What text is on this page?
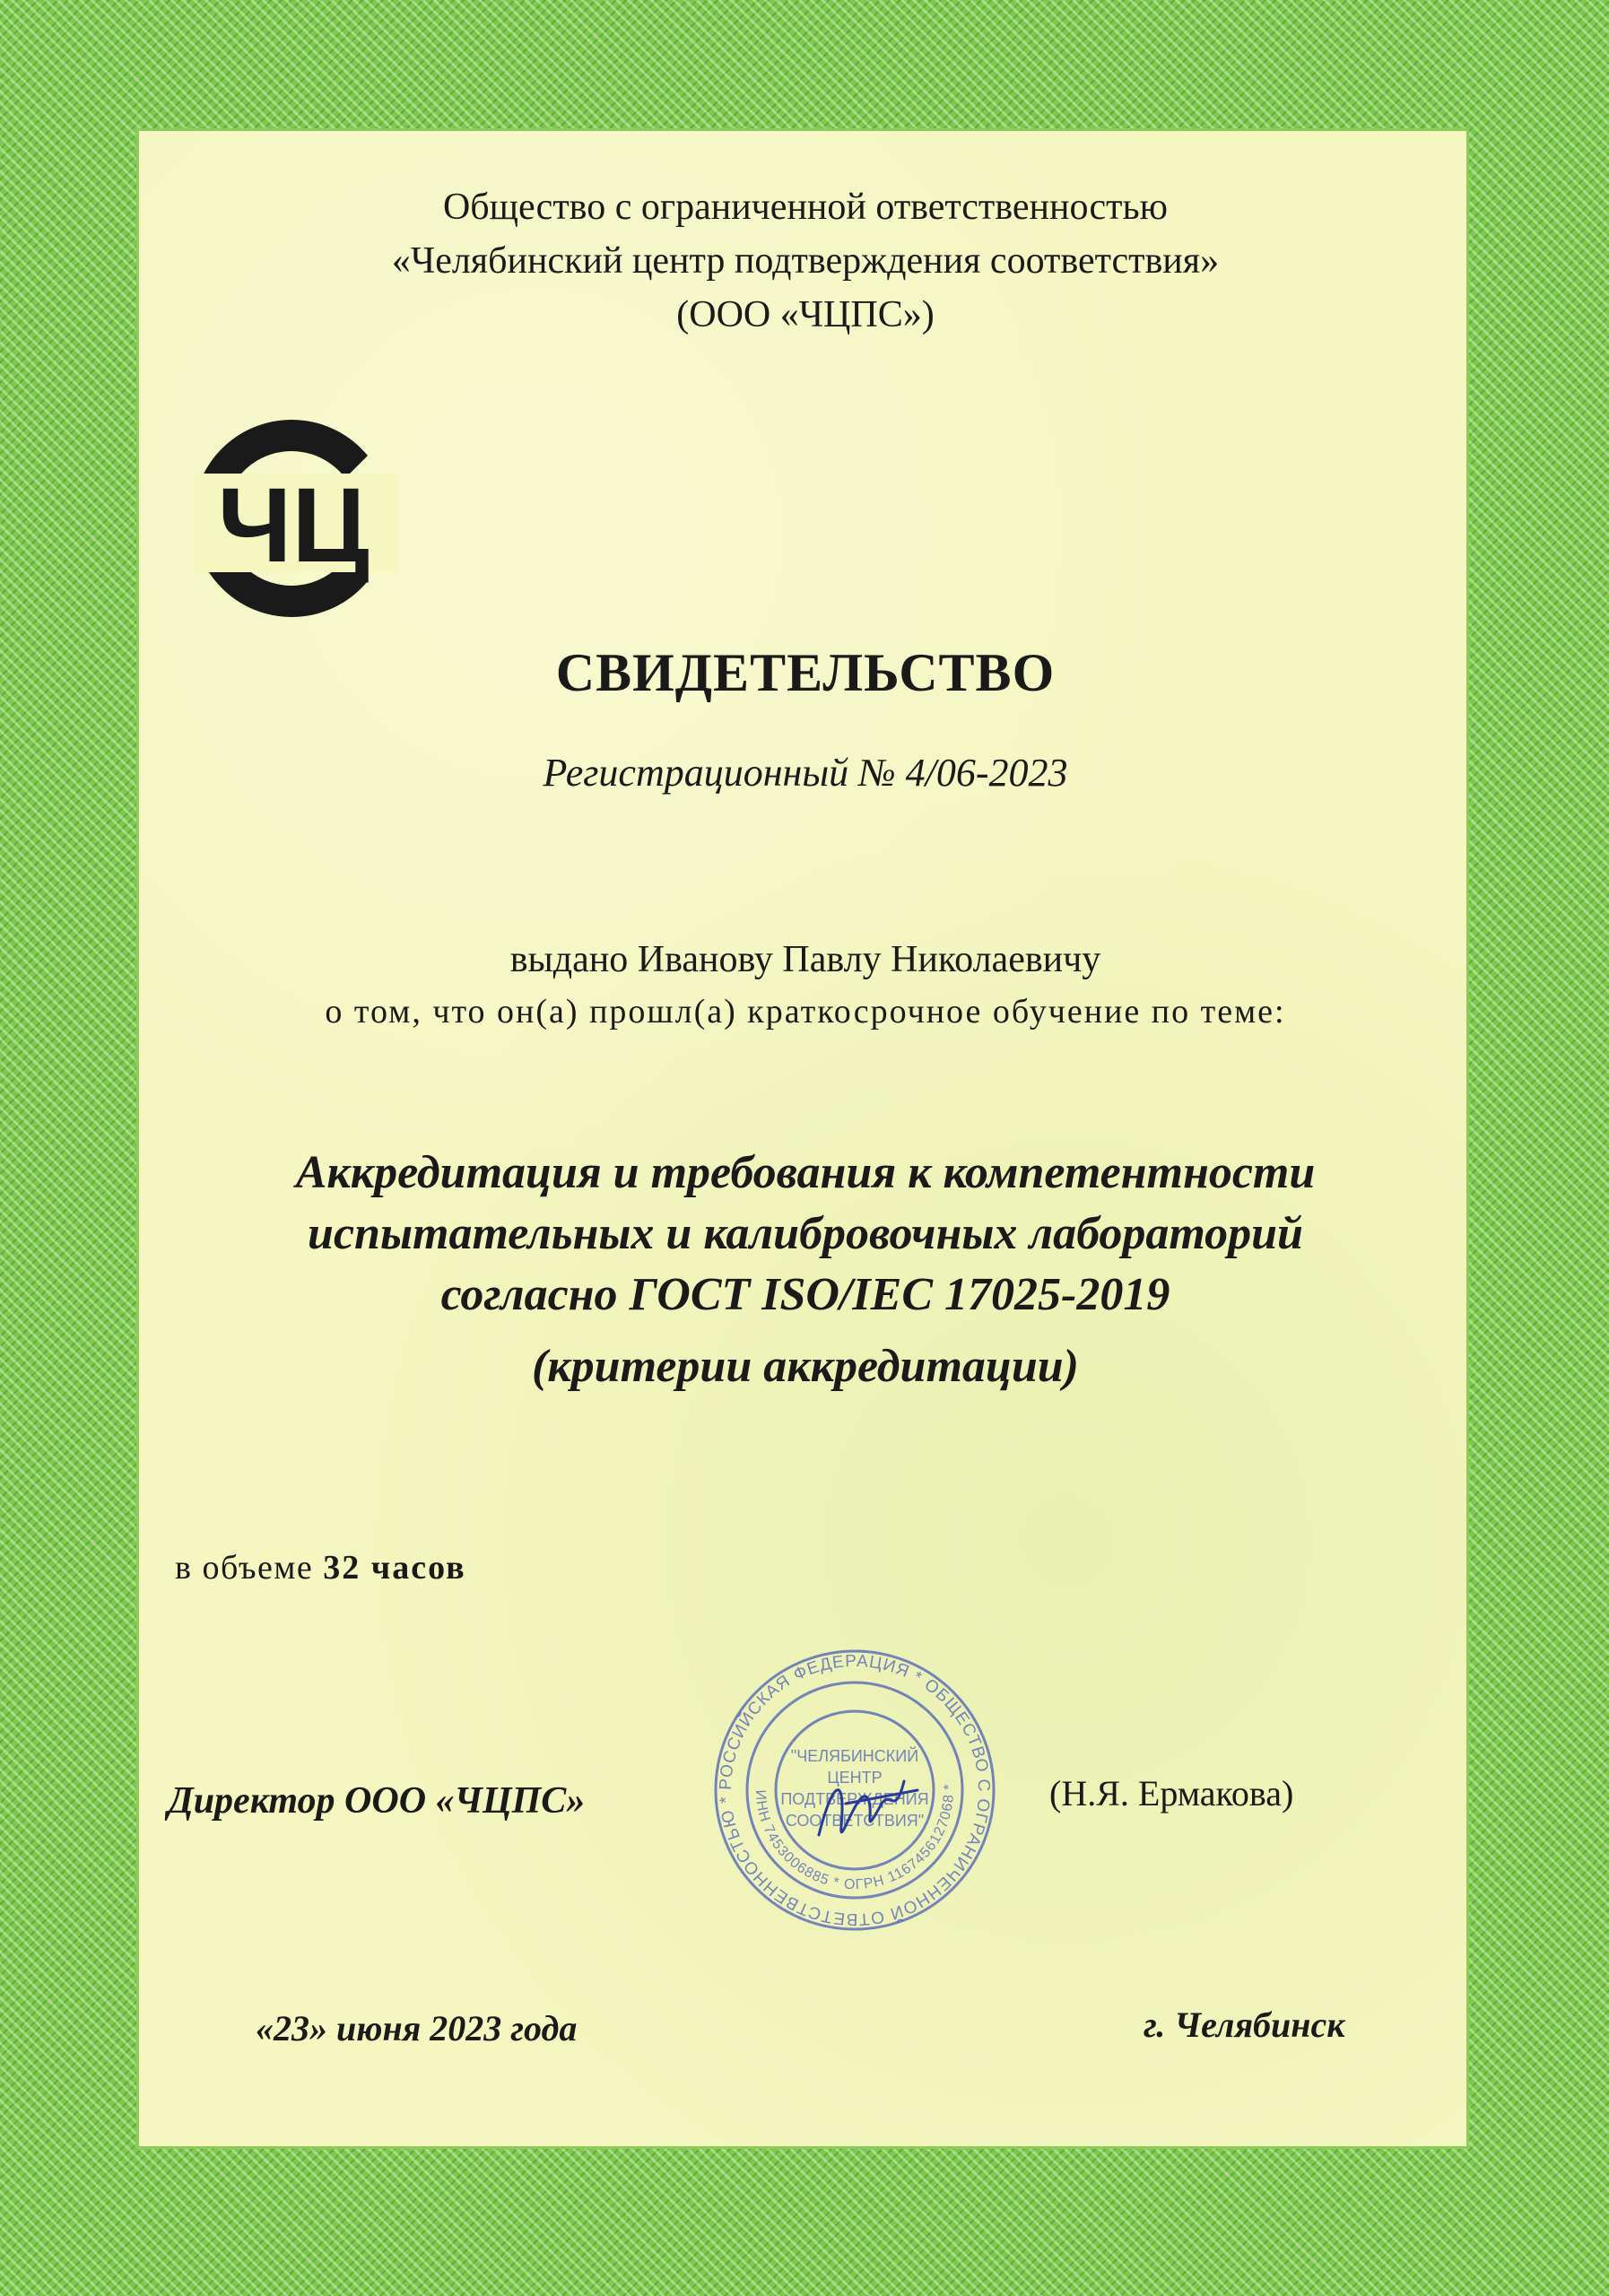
Общество с ограниченной ответственностью
«Челябинский центр подтверждения соответствия»
(ООО «ЧЦПС»)
ЧЦ
СВИДЕТЕЛЬСТВО
Регистрационный № 4/06-2023
выдано Иванову Павлу Николаевичу
о том, что он(а) прошл(а) краткосрочное обучение по теме:
Аккредитация и требования к компетентности
испытательных и калибровочных лабораторий
согласно ГОСТ ISO/IEC 17025-2019
(критерии аккредитации)
в объеме 32 часов
РОССИЙСКАЯ ФЕДЕРАЦИЯ * ОБЩЕСТВО С ОГРАНИЧЕННОЙ ОТВЕТСТВЕННОСТЬЮ *	ИНН 7453006885 * ОГРН 1167456127068 *
"ЧЕЛЯБИНСКИЙ
ЦЕНТР
ПОДТВЕРЖДЕНИЯ
СООТВЕТСТВИЯ"
Директор ООО «ЧЦПС»	(Н.Я. Ермакова)
«23» июня 2023 года	г. Челябинск
